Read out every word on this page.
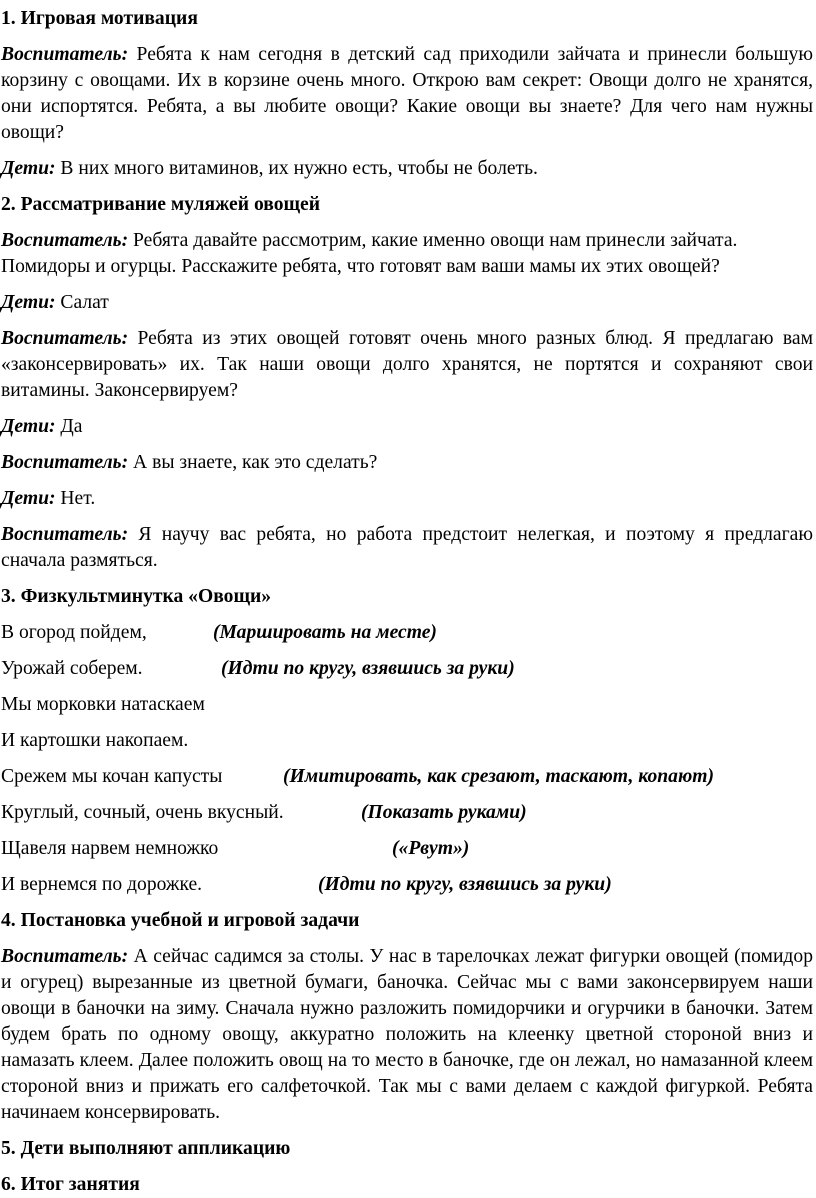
1. Игровая мотивация

Воспитатель: Ребята к нам сегодня в детский сад приходили зайчата и принесли большую корзину с овощами. Их в корзине очень много. Открою вам секрет: Овощи долго не хранятся, они испортятся. Ребята, а вы любите овощи? Какие овощи вы знаете? Для чего нам нужны овощи?

Дети: В них много витаминов, их нужно есть, чтобы не болеть.

2. Рассматривание муляжей овощей

Воспитатель: Ребята давайте рассмотрим, какие именно овощи нам принесли зайчата. Помидоры и огурцы. Расскажите ребята, что готовят вам ваши мамы их этих овощей?

Дети: Салат

Воспитатель: Ребята из этих овощей готовят очень много разных блюд. Я предлагаю вам «законсервировать» их. Так наши овощи долго хранятся, не портятся и сохраняют свои витамины. Законсервируем?

Дети: Да

Воспитатель: А вы знаете, как это сделать?

Дети: Нет.

Воспитатель: Я научу вас ребята, но работа предстоит нелегкая, и поэтому я предлагаю сначала размяться.

3. Физкультминутка «Овощи»
В огород пойдем,	(Маршировать на месте)
Урожай соберем.	(Идти по кругу, взявшись за руки)
Мы морковки натаскаем
И картошки накопаем.
Срежем мы кочан капусты	(Имитировать, как срезают, таскают, копают)
Круглый, сочный, очень вкусный.	(Показать руками)
Щавеля нарвем немножко	(«Рвут»)
И вернемся по дорожке.	(Идти по кругу, взявшись за руки)
4. Постановка учебной и игровой задачи

Воспитатель: А сейчас садимся за столы. У нас в тарелочках лежат фигурки овощей (помидор и огурец) вырезанные из цветной бумаги, баночка. Сейчас мы с вами законсервируем наши овощи в баночки на зиму. Сначала нужно разложить помидорчики и огурчики в баночки. Затем будем брать по одному овощу, аккуратно положить на клеенку цветной стороной вниз и намазать клеем. Далее положить овощ на то место в баночке, где он лежал, но намазанной клеем стороной вниз и прижать его салфеточкой. Так мы с вами делаем с каждой фигуркой. Ребята начинаем консервировать.

5. Дети выполняют аппликацию
6. Итог занятия
